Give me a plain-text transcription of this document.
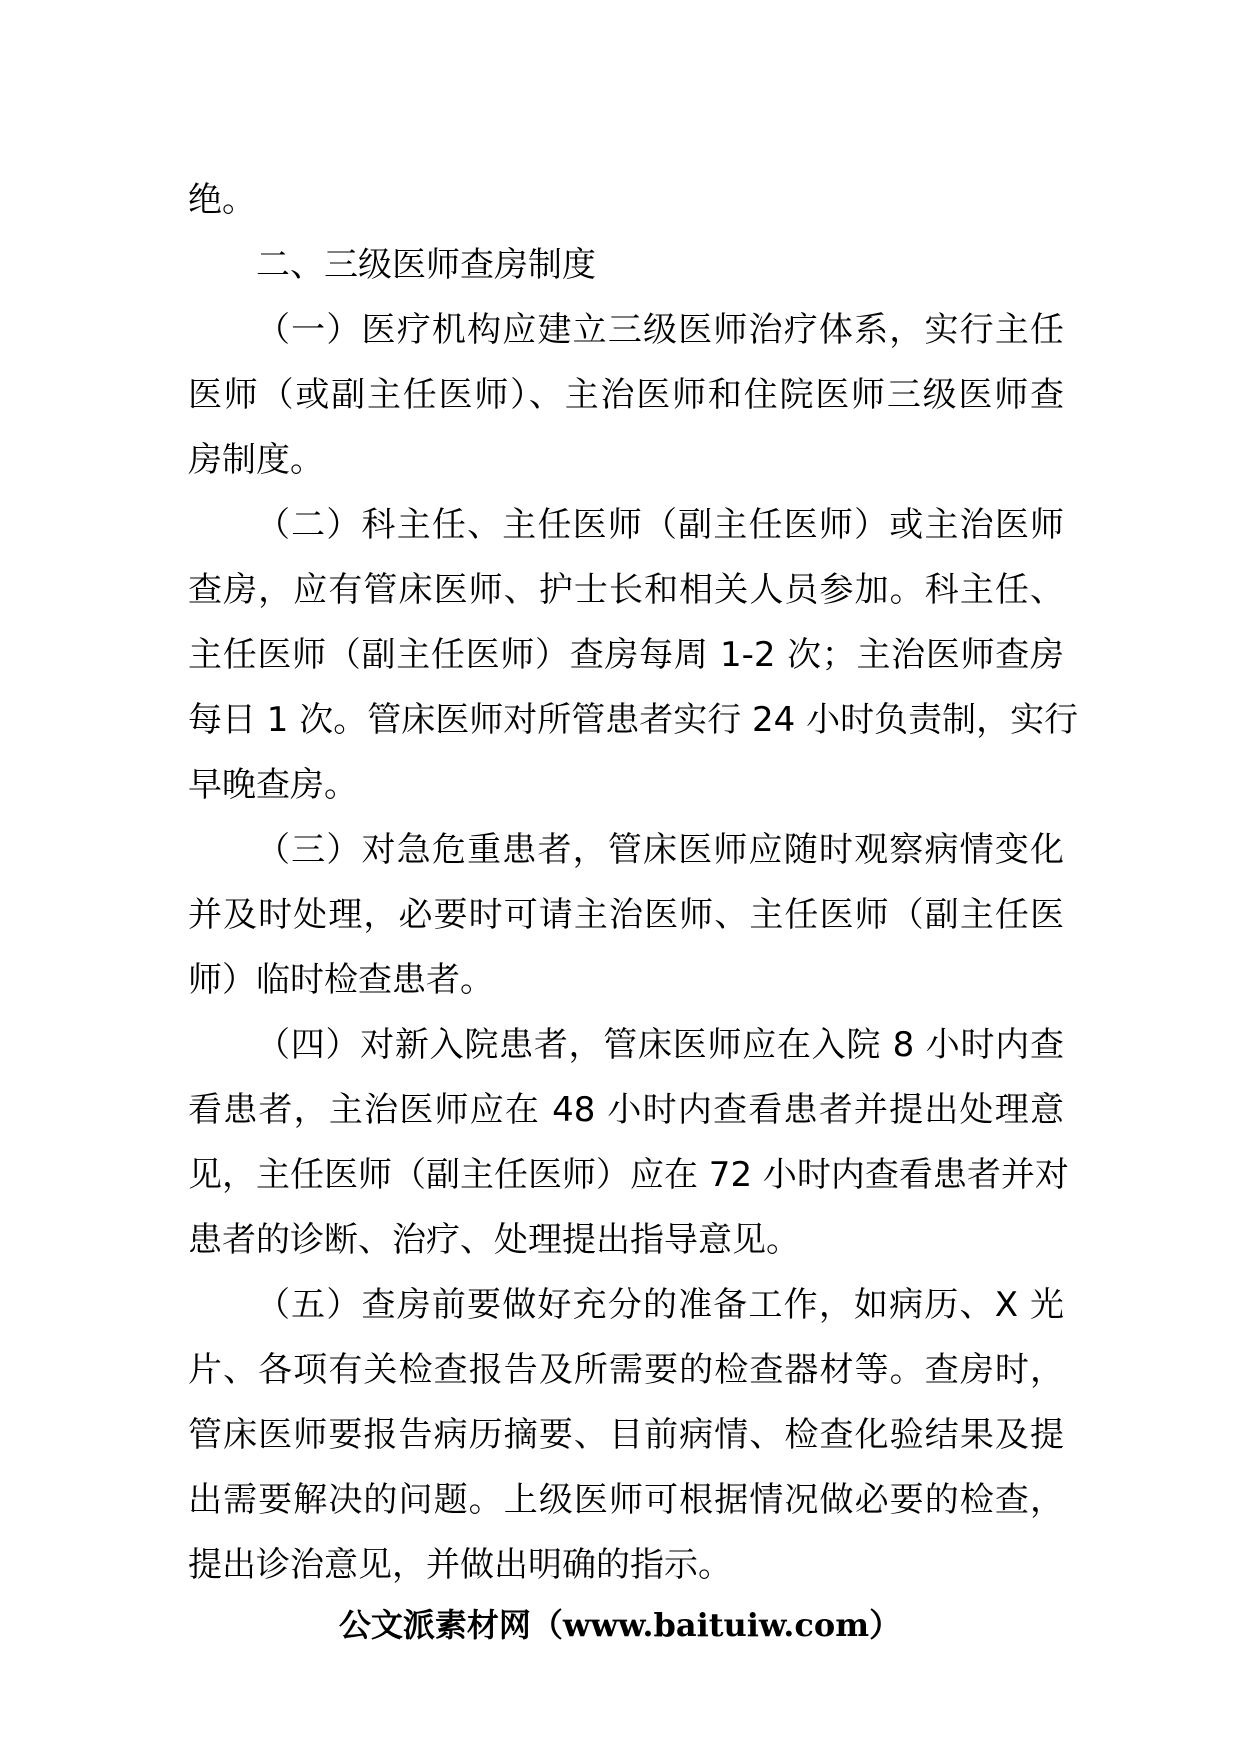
绝。
二、三级医师查房制度
（一）医疗机构应建立三级医师治疗体系，实行主任
医师（或副主任医师）、主治医师和住院医师三级医师查
房制度。
（二）科主任、主任医师（副主任医师）或主治医师
查房，应有管床医师、护士长和相关人员参加。科主任、
主任医师（副主任医师）查房每周 1-2 次；主治医师查房
每日 1 次。管床医师对所管患者实行 24 小时负责制，实行
早晚查房。
（三）对急危重患者，管床医师应随时观察病情变化
并及时处理，必要时可请主治医师、主任医师（副主任医
师）临时检查患者。
（四）对新入院患者，管床医师应在入院 8 小时内查
看患者，主治医师应在 48 小时内查看患者并提出处理意
见，主任医师（副主任医师）应在 72 小时内查看患者并对
患者的诊断、治疗、处理提出指导意见。
（五）查房前要做好充分的准备工作，如病历、X 光
片、各项有关检查报告及所需要的检查器材等。查房时，
管床医师要报告病历摘要、目前病情、检查化验结果及提
出需要解决的问题。上级医师可根据情况做必要的检查，
提出诊治意见，并做出明确的指示。
公文派素材网（www.baituiw.com）
